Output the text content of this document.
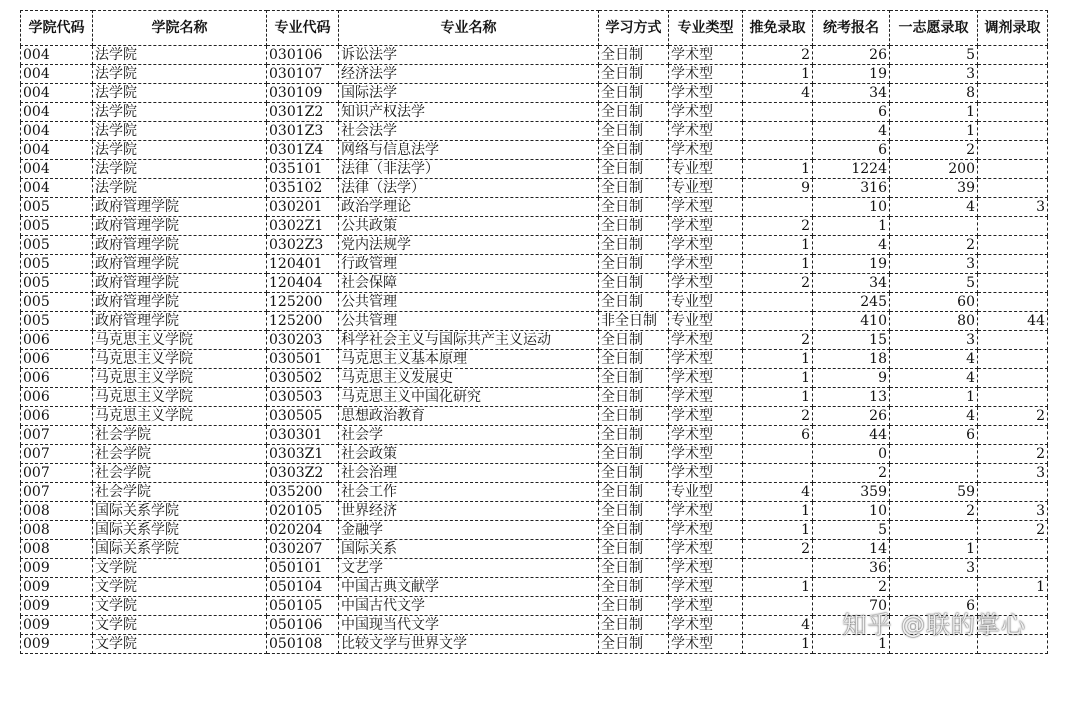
学院代码	学院名称	专业代码	专业名称	学习方式	专业类型	推免录取	统考报名	一志愿录取	调剂录取
004	法学院	030106	诉讼法学	全日制	学术型	2	26	5	
004	法学院	030107	经济法学	全日制	学术型	1	19	3	
004	法学院	030109	国际法学	全日制	学术型	4	34	8	
004	法学院	0301Z2	知识产权法学	全日制	学术型		6	1	
004	法学院	0301Z3	社会法学	全日制	学术型		4	1	
004	法学院	0301Z4	网络与信息法学	全日制	学术型		6	2	
004	法学院	035101	法律（非法学）	全日制	专业型	1	1224	200	
004	法学院	035102	法律（法学）	全日制	专业型	9	316	39	
005	政府管理学院	030201	政治学理论	全日制	学术型		10	4	3
005	政府管理学院	0302Z1	公共政策	全日制	学术型	2	1		
005	政府管理学院	0302Z3	党内法规学	全日制	学术型	1	4	2	
005	政府管理学院	120401	行政管理	全日制	学术型	1	19	3	
005	政府管理学院	120404	社会保障	全日制	学术型	2	34	5	
005	政府管理学院	125200	公共管理	全日制	专业型		245	60	
005	政府管理学院	125200	公共管理	非全日制	专业型		410	80	44
006	马克思主义学院	030203	科学社会主义与国际共产主义运动	全日制	学术型	2	15	3	
006	马克思主义学院	030501	马克思主义基本原理	全日制	学术型	1	18	4	
006	马克思主义学院	030502	马克思主义发展史	全日制	学术型	1	9	4	
006	马克思主义学院	030503	马克思主义中国化研究	全日制	学术型	1	13	1	
006	马克思主义学院	030505	思想政治教育	全日制	学术型	2	26	4	2
007	社会学院	030301	社会学	全日制	学术型	6	44	6	
007	社会学院	0303Z1	社会政策	全日制	学术型		0		2
007	社会学院	0303Z2	社会治理	全日制	学术型		2		3
007	社会学院	035200	社会工作	全日制	专业型	4	359	59	
008	国际关系学院	020105	世界经济	全日制	学术型	1	10	2	3
008	国际关系学院	020204	金融学	全日制	学术型	1	5		2
008	国际关系学院	030207	国际关系	全日制	学术型	2	14	1	
009	文学院	050101	文艺学	全日制	学术型		36	3	
009	文学院	050104	中国古典文献学	全日制	学术型	1	2		1
009	文学院	050105	中国古代文学	全日制	学术型		70	6	
009	文学院	050106	中国现当代文学	全日制	学术型	4			
009	文学院	050108	比较文学与世界文学	全日制	学术型	1	1		
知乎 @联的掌心
